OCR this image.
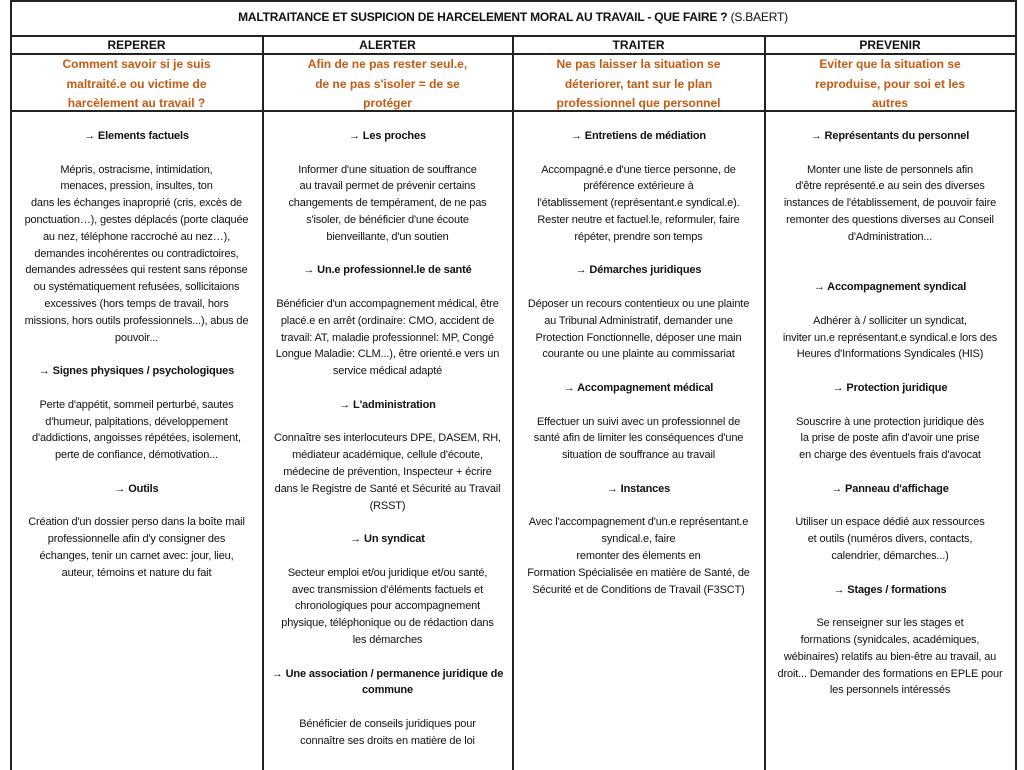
MALTRAITANCE ET SUSPICION DE HARCELEMENT MORAL AU TRAVAIL - QUE FAIRE ? (S.BAERT)
REPERER
Comment savoir si je suis
maltraité.e ou victime de
harcèlement au travail ?
→ Elements factuels
Mépris, ostracisme, intimidation,
menaces, pression, insultes, ton
dans les échanges inaproprié (cris, excès de
ponctuation…), gestes déplacés (porte claquée
au nez, téléphone raccroché au nez…),
demandes incohérentes ou contradictoires,
demandes adressées qui restent sans réponse
ou systématiquement refusées, sollicitaions
excessives (hors temps de travail, hors
missions, hors outils professionnels...), abus de
pouvoir...
→ Signes physiques / psychologiques
Perte d'appétit, sommeil perturbé, sautes
d'humeur, palpitations, développement
d'addictions, angoisses répétées, isolement,
perte de confiance, démotivation...
→ Outils
Création d'un dossier perso dans la boîte mail
professionnelle afin d'y consigner des
échanges, tenir un carnet avec: jour, lieu,
auteur, témoins et nature du fait
ALERTER
Afin de ne pas rester seul.e,
de ne pas s'isoler = de se
protéger
→ Les proches
Informer d'une situation de souffrance
au travail permet de prévenir certains
changements de tempérament, de ne pas
s'isoler, de bénéficier d'une écoute
bienveillante, d'un soutien
→ Un.e professionnel.le de santé
Bénéficier d'un accompagnement médical, être
placé.e en arrêt (ordinaire: CMO, accident de
travail: AT, maladie professionnel: MP, Congé
Longue Maladie: CLM...), être orienté.e vers un
service médical adapté
→ L'administration
Connaître ses interlocuteurs DPE, DASEM, RH,
médiateur académique, cellule d'écoute,
médecine de prévention, Inspecteur + écrire
dans le Registre de Santé et Sécurité au Travail
(RSST)
→ Un syndicat
Secteur emploi et/ou juridique et/ou santé,
avec transmission d'éléments factuels et
chronologiques pour accompagnement
physique, téléphonique ou de rédaction dans
les démarches
→ Une association / permanence juridique de
commune
Bénéficier de conseils juridiques pour
connaître ses droits en matière de loi
TRAITER
Ne pas laisser la situation se
déteriorer, tant sur le plan
professionnel que personnel
→ Entretiens de médiation
Accompagné.e d'une tierce personne, de
préférence extérieure à
l'établissement (représentant.e syndical.e).
Rester neutre et factuel.le, reformuler, faire
répéter, prendre son temps
→ Démarches juridiques
Déposer un recours contentieux ou une plainte
au Tribunal Administratif, demander une
Protection Fonctionnelle, déposer une main
courante ou une plainte au commissariat
→ Accompagnement médical
Effectuer un suivi avec un professionnel de
santé afin de limiter les conséquences d'une
situation de souffrance au travail
→ Instances
Avec l'accompagnement d'un.e représentant.e
syndical.e, faire
remonter des élements en
Formation Spécialisée en matière de Santé, de
Sécurité et de Conditions de Travail (F3SCT)
PREVENIR
Eviter que la situation se
reproduise, pour soi et les
autres
→ Représentants du personnel
Monter une liste de personnels afin
d'être représenté.e au sein des diverses
instances de l'établissement, de pouvoir faire
remonter des questions diverses au Conseil
d'Administration...
→ Accompagnement syndical
Adhérer à / solliciter un syndicat,
inviter un.e représentant.e syndical.e lors des
Heures d'Informations Syndicales (HIS)
→ Protection juridique
Souscrire à une protection juridique dès
la prise de poste afin d'avoir une prise
en charge des éventuels frais d'avocat
→ Panneau d'affichage
Utiliser un espace dédié aux ressources
et outils (numéros divers, contacts,
calendrier, démarches...)
→ Stages / formations
Se renseigner sur les stages et
formations (synidcales, académiques,
wébinaires) relatifs au bien-être au travail, au
droit... Demander des formations en EPLE pour
les personnels intéressés
